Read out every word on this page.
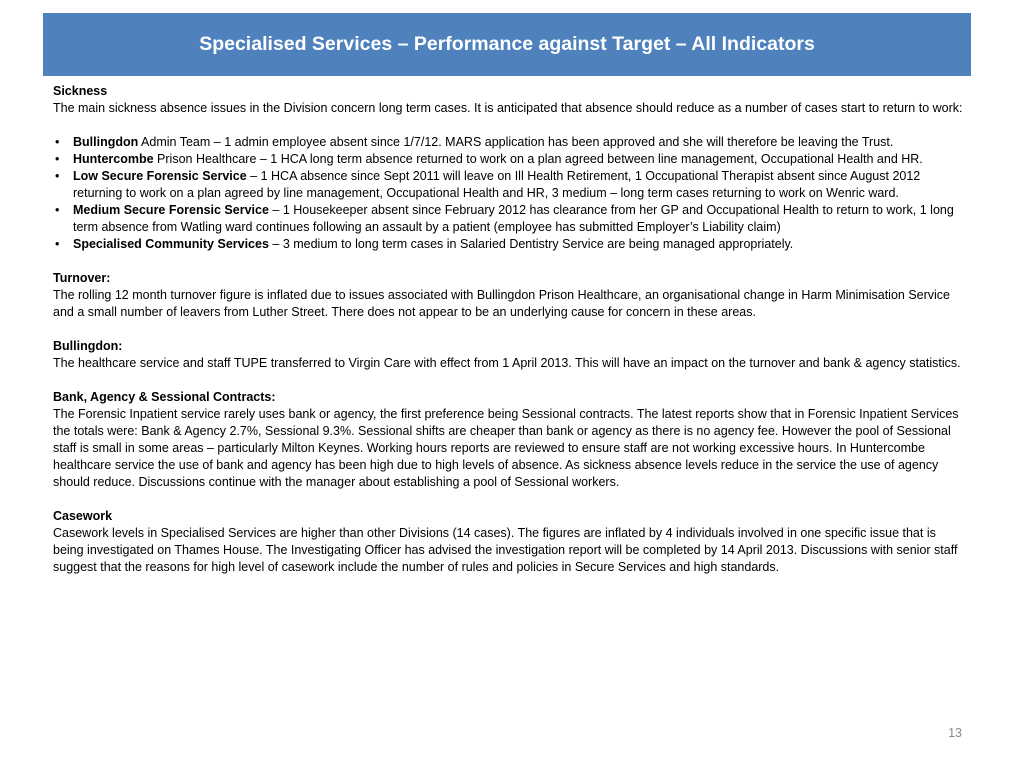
Specialised Services – Performance against Target – All Indicators

Sickness

The main sickness absence issues in the Division concern long term cases. It is anticipated that absence should reduce as a number of cases start to return to work:

• Bullingdon Admin Team – 1 admin employee absent since 1/7/12. MARS application has been approved and she will therefore be leaving the Trust.
• Huntercombe Prison Healthcare – 1 HCA long term absence returned to work on a plan agreed between line management, Occupational Health and HR.
• Low Secure Forensic Service – 1 HCA absence since Sept 2011 will leave on Ill Health Retirement, 1 Occupational Therapist absent since August 2012 returning to work on a plan agreed by line management, Occupational Health and HR, 3 medium – long term cases returning to work on Wenric ward.
• Medium Secure Forensic Service – 1 Housekeeper absent since February 2012 has clearance from her GP and Occupational Health to return to work, 1 long term absence from Watling ward continues following an assault by a patient (employee has submitted Employer’s Liability claim)
• Specialised Community Services – 3 medium to long term cases in Salaried Dentistry Service are being managed appropriately.

Turnover:

The rolling 12 month turnover figure is inflated due to issues associated with Bullingdon Prison Healthcare, an organisational change in Harm Minimisation Service and a small number of leavers from Luther Street. There does not appear to be an underlying cause for concern in these areas.

Bullingdon:

The healthcare service and staff TUPE transferred to Virgin Care with effect from 1 April 2013. This will have an impact on the turnover and bank & agency statistics.

Bank, Agency & Sessional Contracts:

The Forensic Inpatient service rarely uses bank or agency, the first preference being Sessional contracts. The latest reports show that in Forensic Inpatient Services the totals were: Bank & Agency 2.7%, Sessional 9.3%. Sessional shifts are cheaper than bank or agency as there is no agency fee. However the pool of Sessional staff is small in some areas – particularly Milton Keynes. Working hours reports are reviewed to ensure staff are not working excessive hours. In Huntercombe healthcare service the use of bank and agency has been high due to high levels of absence. As sickness absence levels reduce in the service the use of agency should reduce. Discussions continue with the manager about establishing a pool of Sessional workers.

Casework

Casework levels in Specialised Services are higher than other Divisions (14 cases). The figures are inflated by 4 individuals involved in one specific issue that is being investigated on Thames House. The Investigating Officer has advised the investigation report will be completed by 14 April 2013. Discussions with senior staff suggest that the reasons for high level of casework include the number of rules and policies in Secure Services and high standards.

13
